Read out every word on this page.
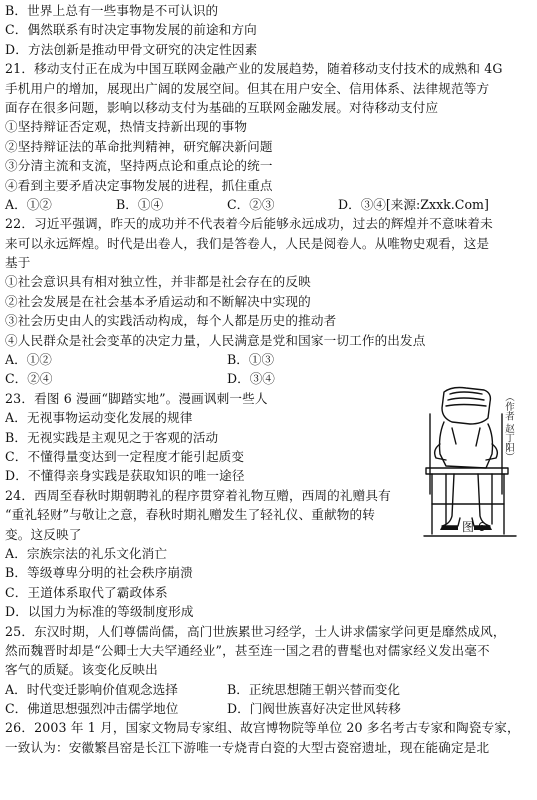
B．世界上总有一些事物是不可认识的
C．偶然联系有时决定事物发展的前途和方向
D．方法创新是推动甲骨文研究的决定性因素
21．移动支付正在成为中国互联网金融产业的发展趋势，随着移动支付技术的成熟和 4G
手机用户的增加，展现出广阔的发展空间。但其在用户安全、信用体系、法律规范等方
面存在很多问题，影响以移动支付为基础的互联网金融发展。对待移动支付应
①坚持辩证否定观，热情支持新出现的事物
②坚持辩证法的革命批判精神，研究解决新问题
③分清主流和支流，坚持两点论和重点论的统一
④看到主要矛盾决定事物发展的进程，抓住重点
A．①②	B．①④	C．②③	D．③④[来源:Zxxk.Com]
22．习近平强调，昨天的成功并不代表着今后能够永远成功，过去的辉煌并不意味着未
来可以永远辉煌。时代是出卷人，我们是答卷人，人民是阅卷人。从唯物史观看，这是
基于
①社会意识具有相对独立性，并非都是社会存在的反映
②社会发展是在社会基本矛盾运动和不断解决中实现的
③社会历史由人的实践活动构成，每个人都是历史的推动者
④人民群众是社会变革的决定力量，人民满意是党和国家一切工作的出发点
A．①②	B．①③
C．②④	D．③④
23．看图 6 漫画“脚踏实地”。漫画讽刺一些人
A．无视事物运动变化发展的规律
B．无视实践是主观见之于客观的活动
C．不懂得量变达到一定程度才能引起质变
D．不懂得亲身实践是获取知识的唯一途径
24．西周至春秋时期朝聘礼的程序贯穿着礼物互赠，西周的礼赠具有
“重礼轻财”与敬让之意，春秋时期礼赠发生了轻礼仪、重献物的转
变。这反映了
A．宗族宗法的礼乐文化消亡
B．等级尊卑分明的社会秩序崩溃
C．王道体系取代了霸政体系
D．以国力为标准的等级制度形成
25．东汉时期，人们尊儒尚儒，高门世族累世习经学，士人讲求儒家学问更是靡然成风，
然而魏晋时却是“公卿士大夫罕通经业”，甚至连一国之君的曹髦也对儒家经义发出毫不
客气的质疑。该变化反映出
A．时代变迁影响价值观念选择	B．正统思想随王朝兴替而变化
C．佛道思想强烈冲击儒学地位	D．门阀世族喜好决定世风转移
26．2003 年 1 月，国家文物局专家组、故宫博物院等单位 20 多名考古专家和陶瓷专家，
一致认为：安徽繁昌窑是长江下游唯一专烧青白瓷的大型古瓷窑遗址，现在能确定是北
（作者 赵丁阳）
图 6
